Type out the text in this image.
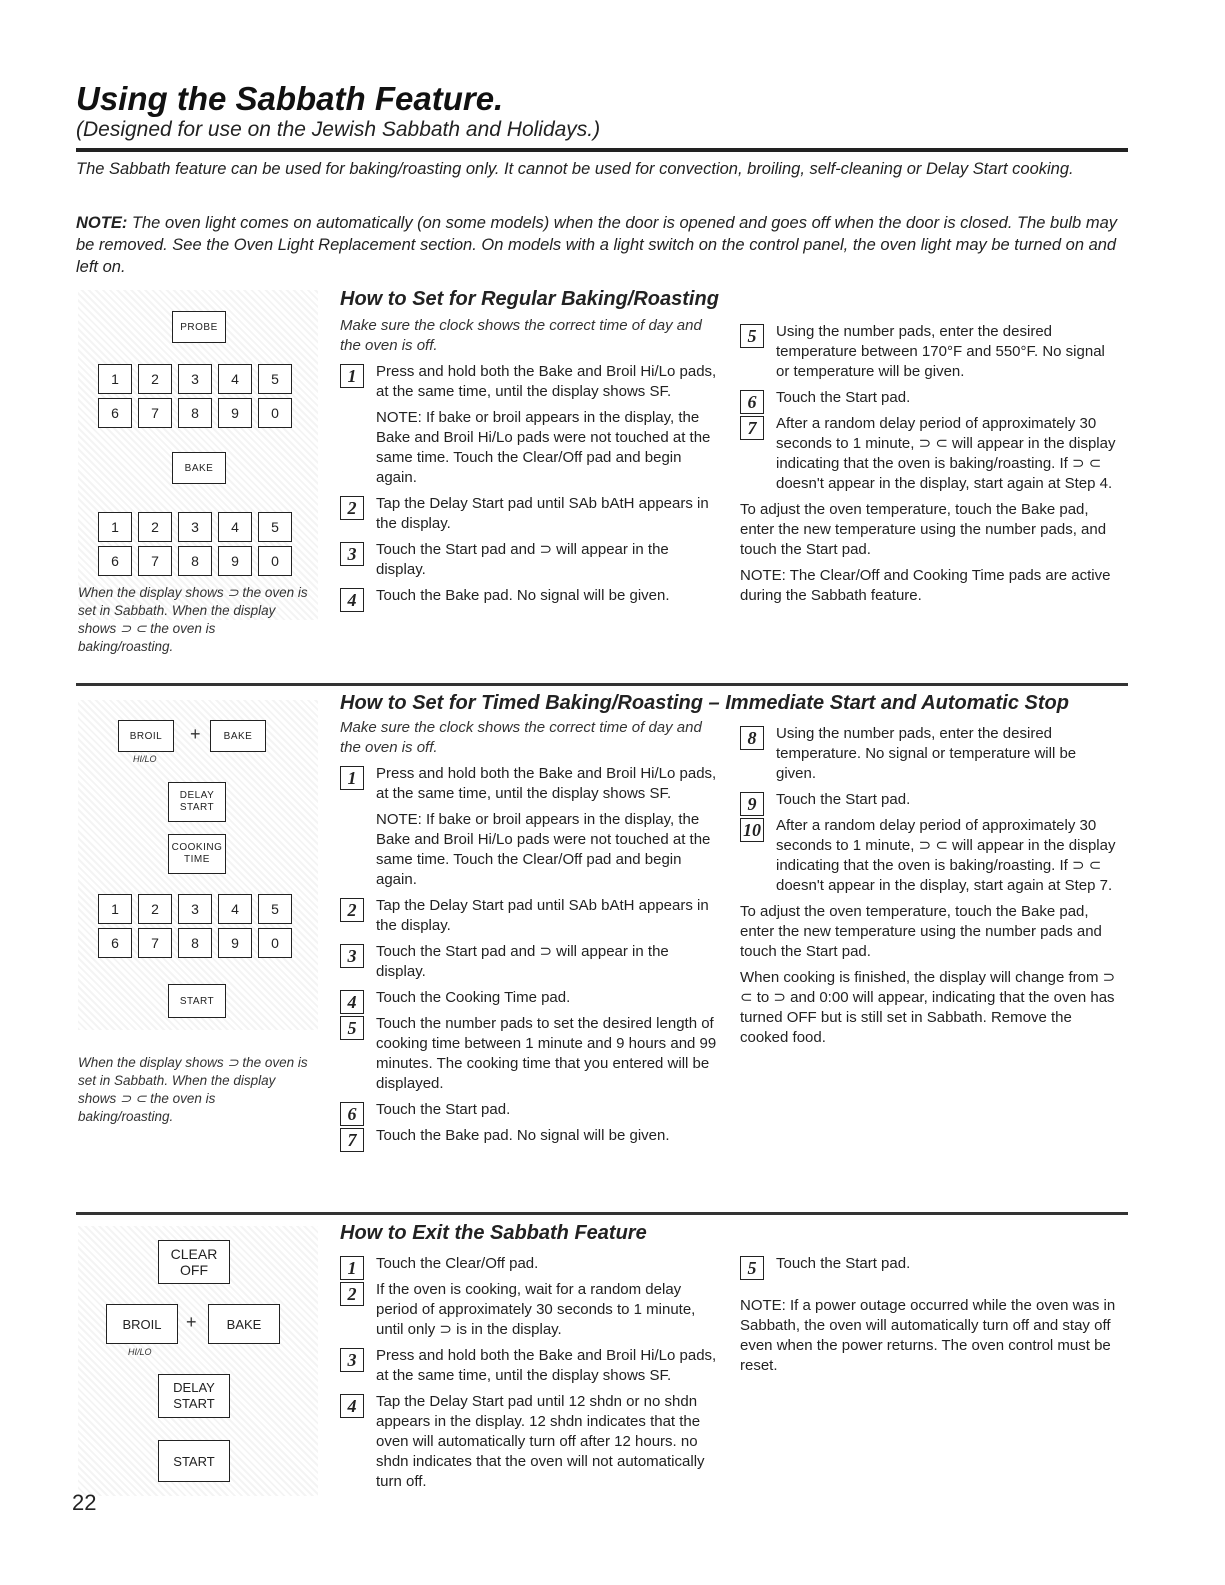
Using the Sabbath Feature.
(Designed for use on the Jewish Sabbath and Holidays.)
The Sabbath feature can be used for baking/roasting only. It cannot be used for convection, broiling, self-cleaning or Delay Start cooking.
NOTE: The oven light comes on automatically (on some models) when the door is opened and goes off when the door is closed. The bulb may be removed. See the Oven Light Replacement section. On models with a light switch on the control panel, the oven light may be turned on and left on.
PROBE
1	2	3	4	5
6	7	8	9	0
BAKE
1	2	3	4	5
6	7	8	9	0
When the display shows ⊃ the oven is set in Sabbath. When the display shows ⊃ ⊂ the oven is baking/roasting.
How to Set for Regular Baking/Roasting
Make sure the clock shows the correct time of day and the oven is off.
1	Press and hold both the Bake and Broil Hi/Lo pads, at the same time, until the display shows SF.
NOTE: If bake or broil appears in the display, the Bake and Broil Hi/Lo pads were not touched at the same time. Touch the Clear/Off pad and begin again.
2	Tap the Delay Start pad until SAb bAtH appears in the display.
3	Touch the Start pad and ⊃ will appear in the display.
4	Touch the Bake pad. No signal will be given.
5	Using the number pads, enter the desired temperature between 170°F and 550°F. No signal or temperature will be given.
6	Touch the Start pad.
7	After a random delay period of approximately 30 seconds to 1 minute, ⊃ ⊂ will appear in the display indicating that the oven is baking/roasting. If ⊃ ⊂ doesn't appear in the display, start again at Step 4.
To adjust the oven temperature, touch the Bake pad, enter the new temperature using the number pads, and touch the Start pad.
NOTE: The Clear/Off and Cooking Time pads are active during the Sabbath feature.
BROIL
HI/LO
+	BAKE
DELAY
START
COOKING
TIME
1	2	3	4	5
6	7	8	9	0
START
When the display shows ⊃ the oven is set in Sabbath. When the display shows ⊃ ⊂ the oven is baking/roasting.
How to Set for Timed Baking/Roasting – Immediate Start and Automatic Stop
Make sure the clock shows the correct time of day and the oven is off.
1	Press and hold both the Bake and Broil Hi/Lo pads, at the same time, until the display shows SF.
NOTE: If bake or broil appears in the display, the Bake and Broil Hi/Lo pads were not touched at the same time. Touch the Clear/Off pad and begin again.
2	Tap the Delay Start pad until SAb bAtH appears in the display.
3	Touch the Start pad and ⊃ will appear in the display.
4	Touch the Cooking Time pad.
5	Touch the number pads to set the desired length of cooking time between 1 minute and 9 hours and 99 minutes. The cooking time that you entered will be displayed.
6	Touch the Start pad.
7	Touch the Bake pad. No signal will be given.
8	Using the number pads, enter the desired temperature. No signal or temperature will be given.
9	Touch the Start pad.
10 After a random delay period of approximately 30 seconds to 1 minute, ⊃ ⊂ will appear in the display indicating that the oven is baking/roasting. If ⊃ ⊂ doesn't appear in the display, start again at Step 7.
To adjust the oven temperature, touch the Bake pad, enter the new temperature using the number pads and touch the Start pad.
When cooking is finished, the display will change from ⊃ ⊂ to ⊃ and 0:00 will appear, indicating that the oven has turned OFF but is still set in Sabbath. Remove the cooked food.
CLEAR
OFF
BROIL
HI/LO
+	BAKE
DELAY
START
START
22
How to Exit the Sabbath Feature
1	Touch the Clear/Off pad.
2	If the oven is cooking, wait for a random delay period of approximately 30 seconds to 1 minute, until only ⊃ is in the display.
3	Press and hold both the Bake and Broil Hi/Lo pads, at the same time, until the display shows SF.
4	Tap the Delay Start pad until 12 shdn or no shdn appears in the display. 12 shdn indicates that the oven will automatically turn off after 12 hours. no shdn indicates that the oven will not automatically turn off.
5	Touch the Start pad.
NOTE: If a power outage occurred while the oven was in Sabbath, the oven will automatically turn off and stay off even when the power returns. The oven control must be reset.
